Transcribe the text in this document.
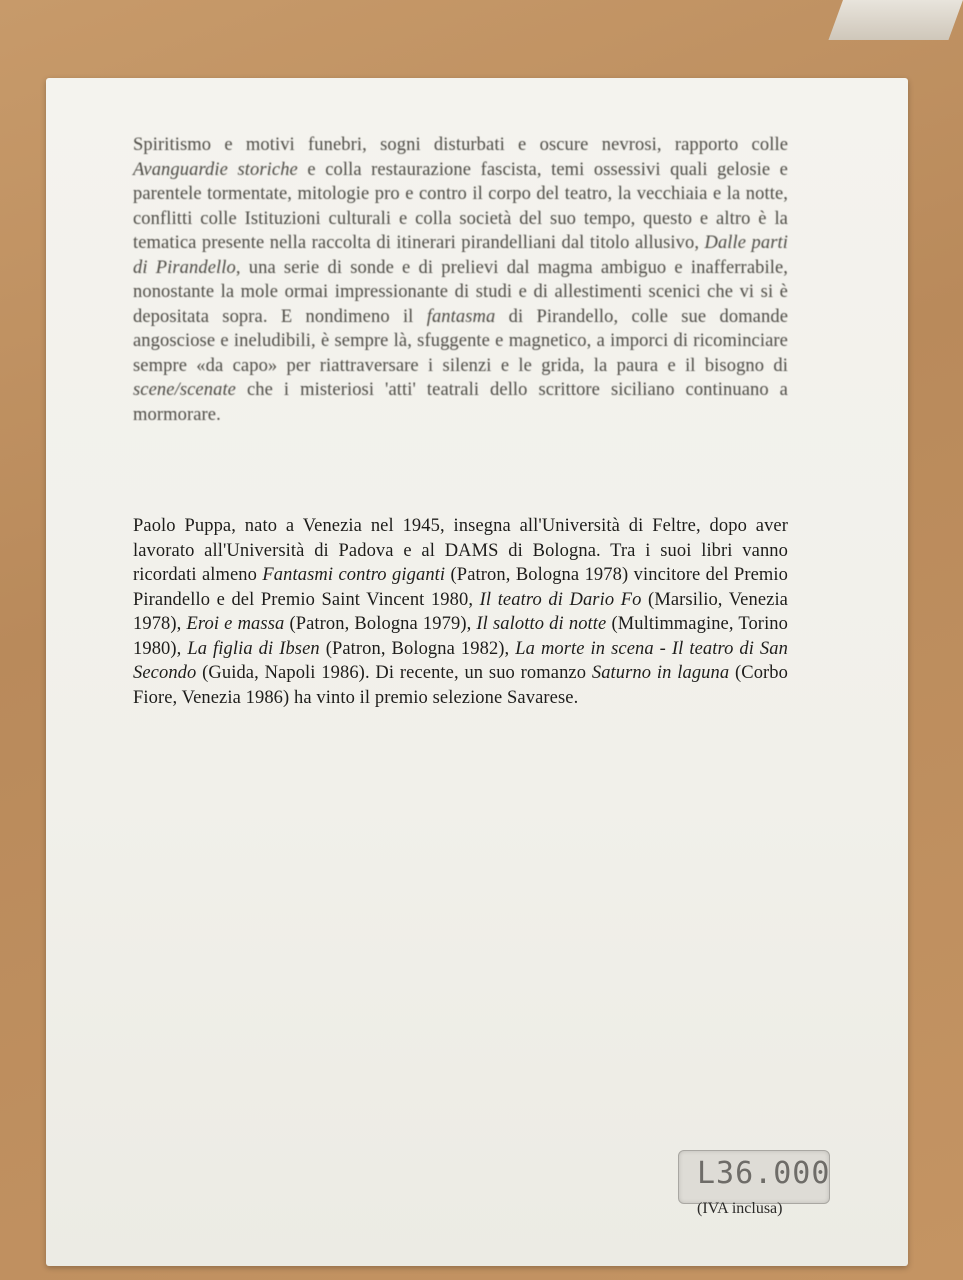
Spiritismo e motivi funebri, sogni disturbati e oscure nevrosi, rapporto colle Avanguardie storiche e colla restaurazione fascista, temi ossessivi quali gelosie e parentele tormentate, mitologie pro e contro il corpo del teatro, la vecchiaia e la notte, conflitti colle Istituzioni culturali e colla società del suo tempo, questo e altro è la tematica presente nella raccolta di itinerari pirandelliani dal titolo allusivo, Dalle parti di Pirandello, una serie di sonde e di prelievi dal magma ambiguo e inafferrabile, nonostante la mole ormai impressionante di studi e di allestimenti scenici che vi si è depositata sopra. E nondimeno il fantasma di Pirandello, colle sue domande angosciose e ineludibili, è sempre là, sfuggente e magnetico, a imporci di ricominciare sempre «da capo» per riattraversare i silenzi e le grida, la paura e il bisogno di scene/scenate che i misteriosi 'atti' teatrali dello scrittore siciliano continuano a mormorare.

Paolo Puppa, nato a Venezia nel 1945, insegna all'Università di Feltre, dopo aver lavorato all'Università di Padova e al DAMS di Bologna. Tra i suoi libri vanno ricordati almeno Fantasmi contro giganti (Patron, Bologna 1978) vincitore del Premio Pirandello e del Premio Saint Vincent 1980, Il teatro di Dario Fo (Marsilio, Venezia 1978), Eroi e massa (Patron, Bologna 1979), Il salotto di notte (Multimmagine, Torino 1980), La figlia di Ibsen (Patron, Bologna 1982), La morte in scena - Il teatro di San Secondo (Guida, Napoli 1986). Di recente, un suo romanzo Saturno in laguna (Corbo Fiore, Venezia 1986) ha vinto il premio selezione Savarese.

L36.000
(IVA inclusa)
